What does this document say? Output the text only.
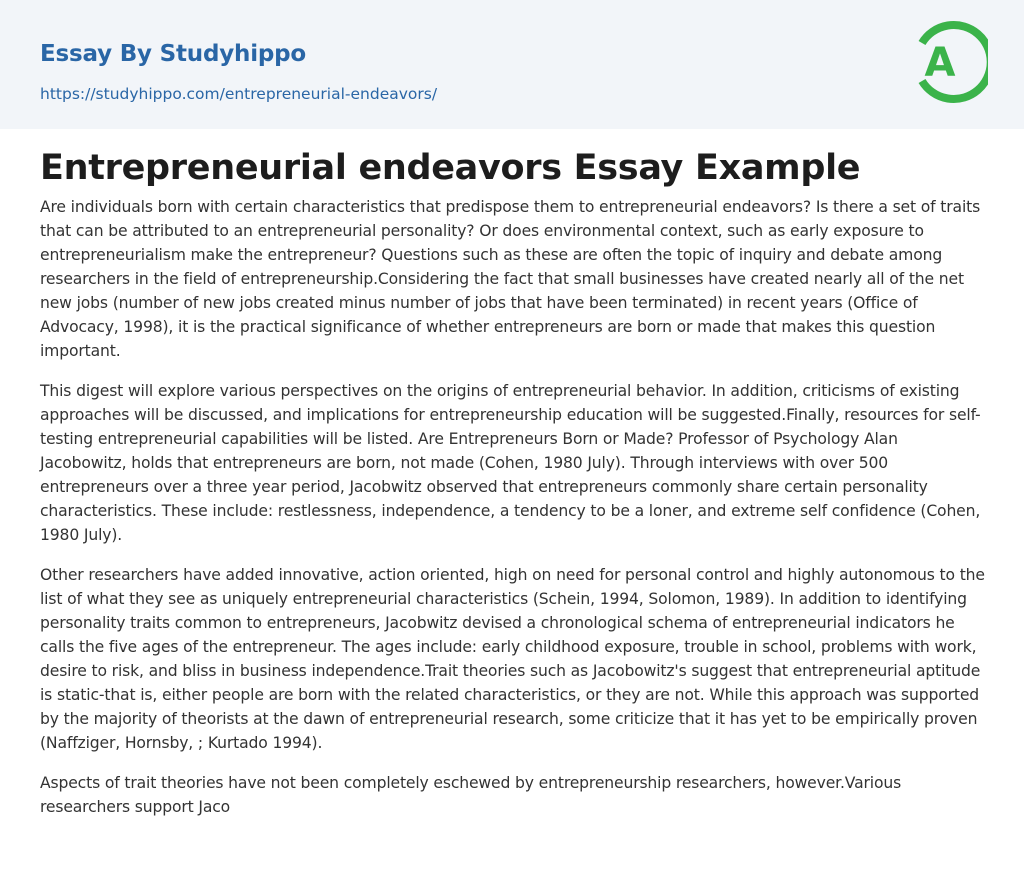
Essay By Studyhippo
https://studyhippo.com/entrepreneurial-endeavors/
A
Entrepreneurial endeavors Essay Example

Are individuals born with certain characteristics that predispose them to entrepreneurial endeavors? Is there a set of traits that can be attributed to an entrepreneurial personality? Or does environmental context, such as early exposure to entrepreneurialism make the entrepreneur? Questions such as these are often the topic of inquiry and debate among researchers in the field of entrepreneurship.Considering the fact that small businesses have created nearly all of the net new jobs (number of new jobs created minus number of jobs that have been terminated) in recent years (Office of Advocacy, 1998), it is the practical significance of whether entrepreneurs are born or made that makes this question important.

This digest will explore various perspectives on the origins of entrepreneurial behavior. In addition, criticisms of existing approaches will be discussed, and implications for entrepreneurship education will be suggested.Finally, resources for self-testing entrepreneurial capabilities will be listed. Are Entrepreneurs Born or Made? Professor of Psychology Alan Jacobowitz, holds that entrepreneurs are born, not made (Cohen, 1980 July). Through interviews with over 500 entrepreneurs over a three year period, Jacobwitz observed that entrepreneurs commonly share certain personality characteristics. These include: restlessness, independence, a tendency to be a loner, and extreme self confidence (Cohen, 1980 July).

Other researchers have added innovative, action oriented, high on need for personal control and highly autonomous to the list of what they see as uniquely entrepreneurial characteristics (Schein, 1994, Solomon, 1989). In addition to identifying personality traits common to entrepreneurs, Jacobwitz devised a chronological schema of entrepreneurial indicators he calls the five ages of the entrepreneur. The ages include: early childhood exposure, trouble in school, problems with work, desire to risk, and bliss in business independence.Trait theories such as Jacobowitz's suggest that entrepreneurial aptitude is static-that is, either people are born with the related characteristics, or they are not. While this approach was supported by the majority of theorists at the dawn of entrepreneurial research, some criticize that it has yet to be empirically proven (Naffziger, Hornsby, ; Kurtado 1994).

Aspects of trait theories have not been completely eschewed by entrepreneurship researchers, however.Various researchers support Jaco
